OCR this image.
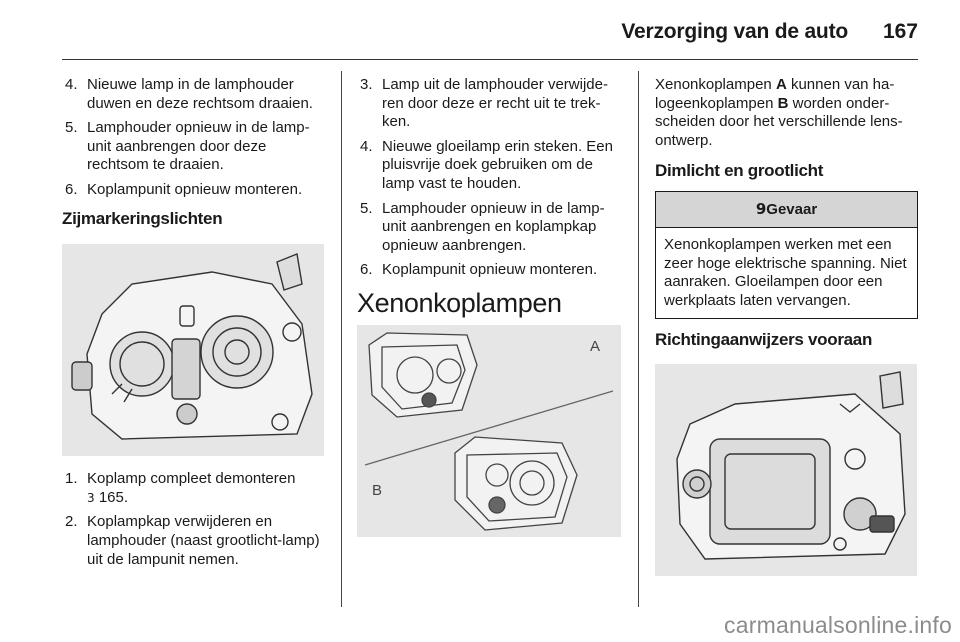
Verzorging van de auto 167
4. Nieuwe lamp in de lamphouder duwen en deze rechtsom draaien.
5. Lamphouder opnieuw in de lamp-unit aanbrengen door deze rechtsom te draaien.
6. Koplampunit opnieuw monteren.
Zijmarkeringslichten
1. Koplamp compleet demonteren
3 165.
2. Koplampkap verwijderen en lamphouder (naast grootlicht-lamp) uit de lampunit nemen.
3. Lamp uit de lamphouder verwijde-ren door deze er recht uit te trek-ken.
4. Nieuwe gloeilamp erin steken. Een pluisvrije doek gebruiken om de lamp vast te houden.
5. Lamphouder opnieuw in de lamp-unit aanbrengen en koplampkap opnieuw aanbrengen.
6. Koplampunit opnieuw monteren.
Xenonkoplampen
A
B

Xenonkoplampen A kunnen van ha-logeenkoplampen B worden onder-scheiden door het verschillende lens-ontwerp.

Dimlicht en grootlicht
9Gevaar
Xenonkoplampen werken met een zeer hoge elektrische spanning. Niet aanraken. Gloeilampen door een werkplaats laten vervangen.
Richtingaanwijzers vooraan
carmanualsonline.info
